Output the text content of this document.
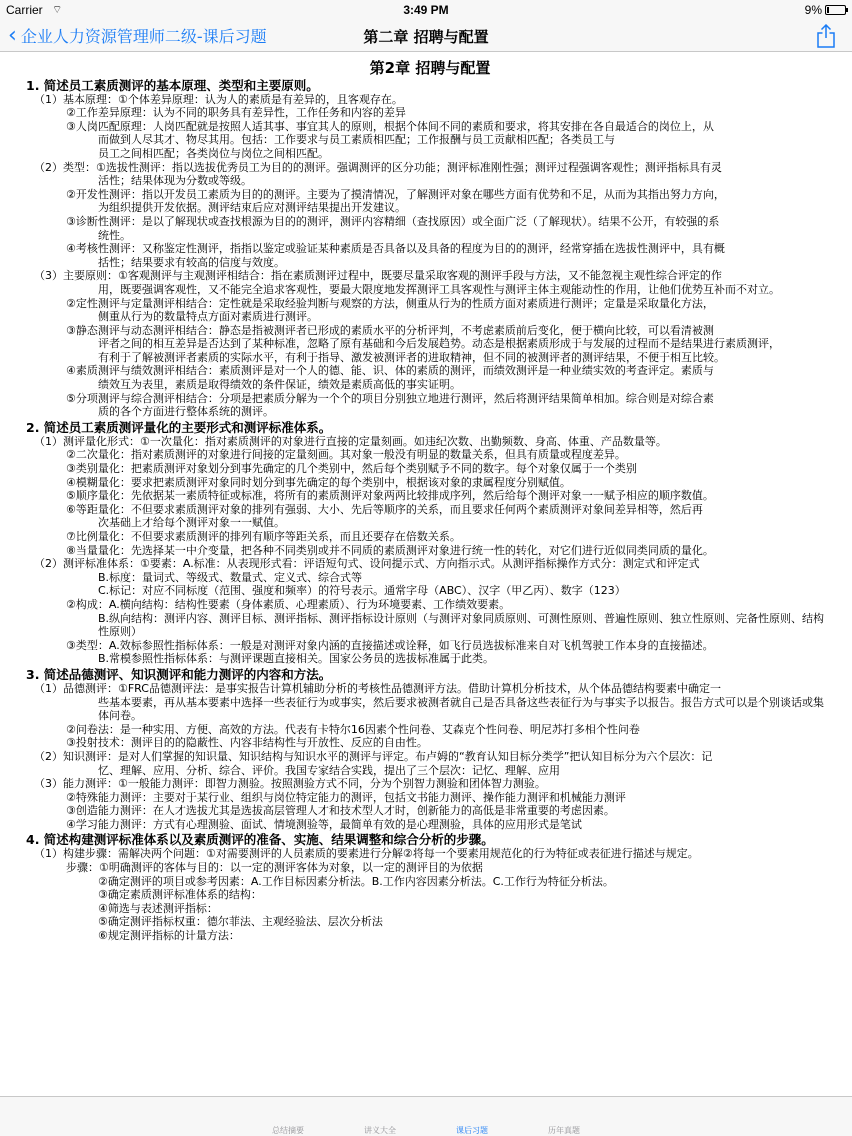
Carrier ⌔	3:49 PM	9%
‹ 企业人力资源管理师二级-课后习题	第二章 招聘与配置
第2章 招聘与配置
1. 简述员工素质测评的基本原理、类型和主要原则。
（1）基本原理：①个体差异原理：认为人的素质是有差异的，且客观存在。
②工作差异原理：认为不同的职务具有差异性，工作任务和内容的差异
③人岗匹配原理：人岗匹配就是按照人适其事、事宜其人的原则，根据个体间不同的素质和要求，将其安排在各自最适合的岗位上，从
而做到人尽其才、物尽其用。包括：工作要求与员工素质相匹配；工作报酬与员工贡献相匹配；各类员工与
员工之间相匹配；各类岗位与岗位之间相匹配。
（2）类型：①选拔性测评：指以选拔优秀员工为目的的测评。强调测评的区分功能；测评标准刚性强；测评过程强调客观性；测评指标具有灵
活性；结果体现为分数或等级。
②开发性测评：指以开发员工素质为目的的测评。主要为了摸清情况，了解测评对象在哪些方面有优势和不足，从而为其指出努力方向，
为组织提供开发依据。测评结束后应对测评结果提出开发建议。
③诊断性测评：是以了解现状或查找根源为目的的测评，测评内容精细（查找原因）或全面广泛（了解现状）。结果不公开，有较强的系
统性。
④考核性测评：又称鉴定性测评，指指以鉴定或验证某种素质是否具备以及具备的程度为目的的测评，经常穿插在选拔性测评中，具有概
括性；结果要求有较高的信度与效度。
（3）主要原则：①客观测评与主观测评相结合：指在素质测评过程中，既要尽量采取客观的测评手段与方法，又不能忽视主观性综合评定的作
用，既要强调客观性，又不能完全追求客观性，要最大限度地发挥测评工具客观性与测评主体主观能动性的作用，让他们优势互补而不对立。
②定性测评与定量测评相结合：定性就是采取经验判断与观察的方法，侧重从行为的性质方面对素质进行测评；定量是采取量化方法，
侧重从行为的数量特点方面对素质进行测评。
③静态测评与动态测评相结合：静态是指被测评者已形成的素质水平的分析评判，不考虑素质前后变化，便于横向比较，可以看清被测
评者之间的相互差异是否达到了某种标准，忽略了原有基础和今后发展趋势。动态是根据素质形成于与发展的过程而不是结果进行素质测评，
有利于了解被测评者素质的实际水平，有利于指导、激发被测评者的进取精神，但不同的被测评者的测评结果，不便于相互比较。
④素质测评与绩效测评相结合：素质测评是对一个人的德、能、识、体的素质的测评，而绩效测评是一种业绩实效的考查评定。素质与
绩效互为表里，素质是取得绩效的条件保证，绩效是素质高低的事实证明。
⑤分项测评与综合测评相结合：分项是把素质分解为一个个的项目分别独立地进行测评，然后将测评结果简单相加。综合则是对综合素
质的各个方面进行整体系统的测评。
2. 简述员工素质测评量化的主要形式和测评标准体系。
（1）测评量化形式：①一次量化：指对素质测评的对象进行直接的定量刻画。如违纪次数、出勤频数、身高、体重、产品数量等。
②二次量化：指对素质测评的对象进行间接的定量刻画。其对象一般没有明显的数量关系，但具有质量或程度差异。
③类别量化：把素质测评对象划分到事先确定的几个类别中，然后每个类别赋予不同的数字。每个对象仅属于一个类别
④模糊量化：要求把素质测评对象同时划分到事先确定的每个类别中，根据该对象的隶属程度分别赋值。
⑤顺序量化：先依据某一素质特征或标准，将所有的素质测评对象两两比较排成序列，然后给每个测评对象一一赋予相应的顺序数值。
⑥等距量化：不但要求素质测评对象的排列有强弱、大小、先后等顺序的关系，而且要求任何两个素质测评对象间差异相等，然后再
次基础上才给每个测评对象一一赋值。
⑦比例量化：不但要求素质测评的排列有顺序等距关系，而且还要存在倍数关系。
⑧当量量化：先选择某一中介变量，把各种不同类别或并不同质的素质测评对象进行统一性的转化，对它们进行近似同类同质的量化。
（2）测评标准体系：①要素：A.标准：从表现形式看：评语短句式、设问提示式、方向指示式。从测评指标操作方式分：测定式和评定式
B.标度：量词式、等级式、数量式、定义式、综合式等
C.标记：对应不同标度（范围、强度和频率）的符号表示。通常字母（ABC）、汉字（甲乙丙）、数字（123）
②构成：A.横向结构：结构性要素（身体素质、心理素质）、行为环境要素、工作绩效要素。
B.纵向结构：测评内容、测评目标、测评指标、测评指标设计原则（与测评对象同质原则、可测性原则、普遍性原则、独立性原则、完备性原则、结构性原则）
③类型：A.效标参照性指标体系：一般是对测评对象内涵的直接描述或诠释，如飞行员选拔标准来自对飞机驾驶工作本身的直接描述。
B.常模参照性指标体系：与测评课题直接相关。国家公务员的选拔标准属于此类。
3. 简述品德测评、知识测评和能力测评的内容和方法。
（1）品德测评：①FRC品德测评法：是事实报告计算机辅助分析的考核性品德测评方法。借助计算机分析技术，从个体品德结构要素中确定一
些基本要素，再从基本要素中选择一些表征行为或事实，然后要求被测者就自己是否具备这些表征行为与事实予以报告。报告方式可以是个别谈话或集体问卷。
②问卷法：是一种实用、方便、高效的方法。代表有卡特尔16因素个性问卷、艾森克个性问卷、明尼苏打多相个性问卷
③投射技术：测评目的的隐蔽性、内容非结构性与开放性、反应的自由性。
（2）知识测评：是对人们掌握的知识量、知识结构与知识水平的测评与评定。布卢姆的“教育认知目标分类学”把认知目标分为六个层次：记
忆、理解、应用、分析、综合、评价。我国专家结合实践，提出了三个层次：记忆、理解、应用
（3）能力测评：①一般能力测评：即智力测验。按照测验方式不同，分为个别智力测验和团体智力测验。
②特殊能力测评：主要对于某行业、组织与岗位特定能力的测评，包括文书能力测评、操作能力测评和机械能力测评
③创造能力测评：在人才选拔尤其是选拔高层管理人才和技术型人才时，创新能力的高低是非常重要的考虑因素。
④学习能力测评：方式有心理测验、面试、情境测验等，最简单有效的是心理测验，具体的应用形式是笔试
4. 简述构建测评标准体系以及素质测评的准备、实施、结果调整和综合分析的步骤。
（1）构建步骤：需解决两个问题：①对需要测评的人员素质的要素进行分解②将每一个要素用规范化的行为特征或表征进行描述与规定。
步骤：①明确测评的客体与目的：以一定的测评客体为对象，以一定的测评目的为依据
②确定测评的项目或参考因素：A.工作目标因素分析法。B.工作内容因素分析法。C.工作行为特征分析法。
③确定素质测评标准体系的结构：
④筛选与表述测评指标：
⑤确定测评指标权重：德尔菲法、主观经验法、层次分析法
⑥规定测评指标的计量方法：
总结摘要	讲义大全	课后习题	历年真题
